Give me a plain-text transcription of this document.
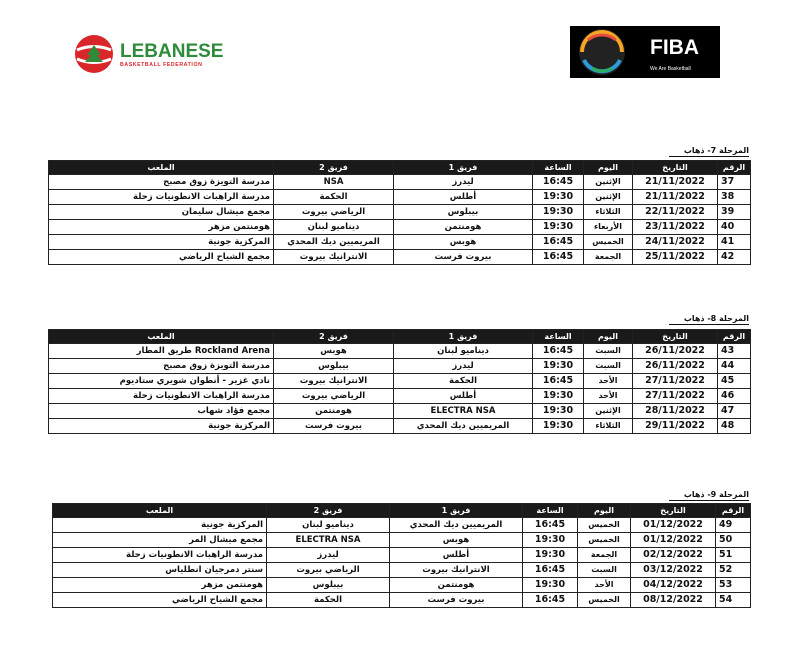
LEBANESE
BASKETBALL FEDERATION
FIBA
We Are Basketball
المرحلة 7- ذهاب
الرقم	التاريخ	اليوم	الساعة	فريق 1	فريق 2	الملعب
37	21/11/2022	الإثنين	16:45	ليدرز	NSA	مدرسة التويزة زوق مصبح
38	21/11/2022	الإثنين	19:30	أطلس	الحكمة	مدرسة الراهبات الانطونيات زحلة
39	22/11/2022	الثلاثاء	19:30	بيبلوس	الرياضي بيروت	مجمع ميشال سليمان
40	23/11/2022	الأربعاء	19:30	هومنتمن	ديناميو لبنان	هومنتمن مزهر
41	24/11/2022	الخميس	16:45	هوبس	المريميين ديك المحدي	المركزية جونية
42	25/11/2022	الجمعة	16:45	بيروت فرست	الانترانيك بيروت	مجمع الشياح الرياضي
المرحلة 8- ذهاب
الرقم	التاريخ	اليوم	الساعة	فريق 1	فريق 2	الملعب
43	26/11/2022	السبت	16:45	ديناميو لبنان	هوبس	Rockland Arena طريق المطار
44	26/11/2022	السبت	19:30	ليدرز	بيبلوس	مدرسة التويزة زوق مصبح
45	27/11/2022	الأحد	16:45	الحكمة	الانترانيك بيروت	نادي غزير - أنطوان شويري ستاديوم
46	27/11/2022	الأحد	19:30	أطلس	الرياضي بيروت	مدرسة الراهبات الانطونيات زحلة
47	28/11/2022	الإثنين	19:30	ELECTRA NSA	هومنتمن	مجمع فؤاد شهاب
48	29/11/2022	الثلاثاء	19:30	المريميين ديك المحدي	بيروت فرست	المركزية جونية
المرحلة 9- ذهاب
الرقم	التاريخ	اليوم	الساعة	فريق 1	فريق 2	الملعب
49	01/12/2022	الخميس	16:45	المريميين ديك المحدي	ديناميو لبنان	المركزية جونية
50	01/12/2022	الخميس	19:30	هوبس	ELECTRA NSA	مجمع ميشال المر
51	02/12/2022	الجمعة	19:30	أطلس	ليدرز	مدرسة الراهبات الانطونيات زحلة
52	03/12/2022	السبت	16:45	الانترانيك بيروت	الرياضي بيروت	سنتر دمرجيان انطلياس
53	04/12/2022	الأحد	19:30	هومنتمن	بيبلوس	هومنتمن مزهر
54	08/12/2022	الخميس	16:45	بيروت فرست	الحكمة	مجمع الشياح الرياضي
